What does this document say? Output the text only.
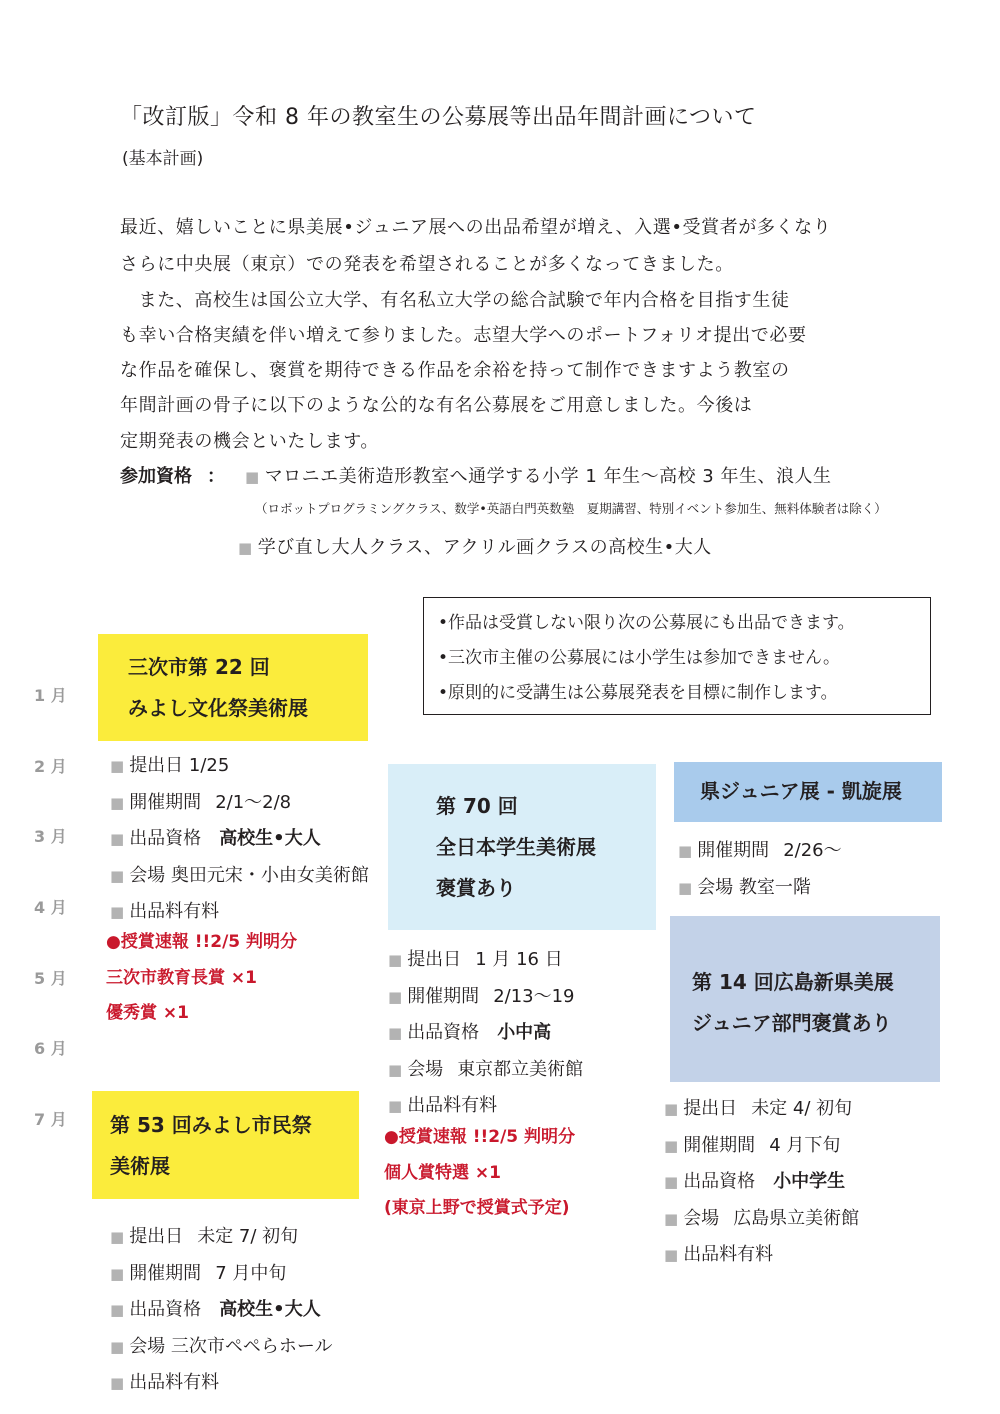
「改訂版」令和 8 年の教室生の公募展等出品年間計画について
(基本計画)
最近、嬉しいことに県美展•ジュニア展への出品希望が増え、入選•受賞者が多くなり
さらに中央展（東京）での発表を希望されることが多くなってきました。
　また、高校生は国公立大学、有名私立大学の総合試験で年内合格を目指す生徒
も幸い合格実績を伴い増えて参りました。志望大学へのポートフォリオ提出で必要
な作品を確保し、褒賞を期待できる作品を余裕を持って制作できますよう教室の
年間計画の骨子に以下のような公的な有名公募展をご用意しました。今後は
定期発表の機会といたします。
参加資格 ： ■ マロニエ美術造形教室へ通学する小学 1 年生〜高校 3 年生、浪人生
（ロボットプログラミングクラス、数学•英語白門英数塾　夏期講習、特別イベント参加生、無料体験者は除く）
■ 学び直し大人クラス、アクリル画クラスの高校生•大人
•作品は受賞しない限り次の公募展にも出品できます。
•三次市主催の公募展には小学生は参加できません。
•原則的に受講生は公募展発表を目標に制作します。
1 月
2 月
3 月
4 月
5 月
6 月
7 月
三次市第 22 回
みよし文化祭美術展
■ 提出日 1/25
■ 開催期間 2/1〜2/8
■ 出品資格 高校生•大人
■ 会場 奥田元宋・小由女美術館
■ 出品料有料
●授賞速報 !!2/5 判明分
三次市教育長賞 ×1
優秀賞 ×1
第 70 回
全日本学生美術展
褒賞あり
■ 提出日 1 月 16 日
■ 開催期間 2/13〜19
■ 出品資格 小中高
■ 会場 東京都立美術館
■ 出品料有料
●授賞速報 !!2/5 判明分
個人賞特選 ×1
(東京上野で授賞式予定)
県ジュニア展 - 凱旋展
■ 開催期間 2/26〜
■ 会場 教室一階
第 14 回広島新県美展
ジュニア部門褒賞あり
■ 提出日 未定 4/ 初旬
■ 開催期間 4 月下旬
■ 出品資格 小中学生
■ 会場 広島県立美術館
■ 出品料有料
第 53 回みよし市民祭
美術展
■ 提出日 未定 7/ 初旬
■ 開催期間 7 月中旬
■ 出品資格 高校生•大人
■ 会場 三次市ペペらホール
■ 出品料有料
